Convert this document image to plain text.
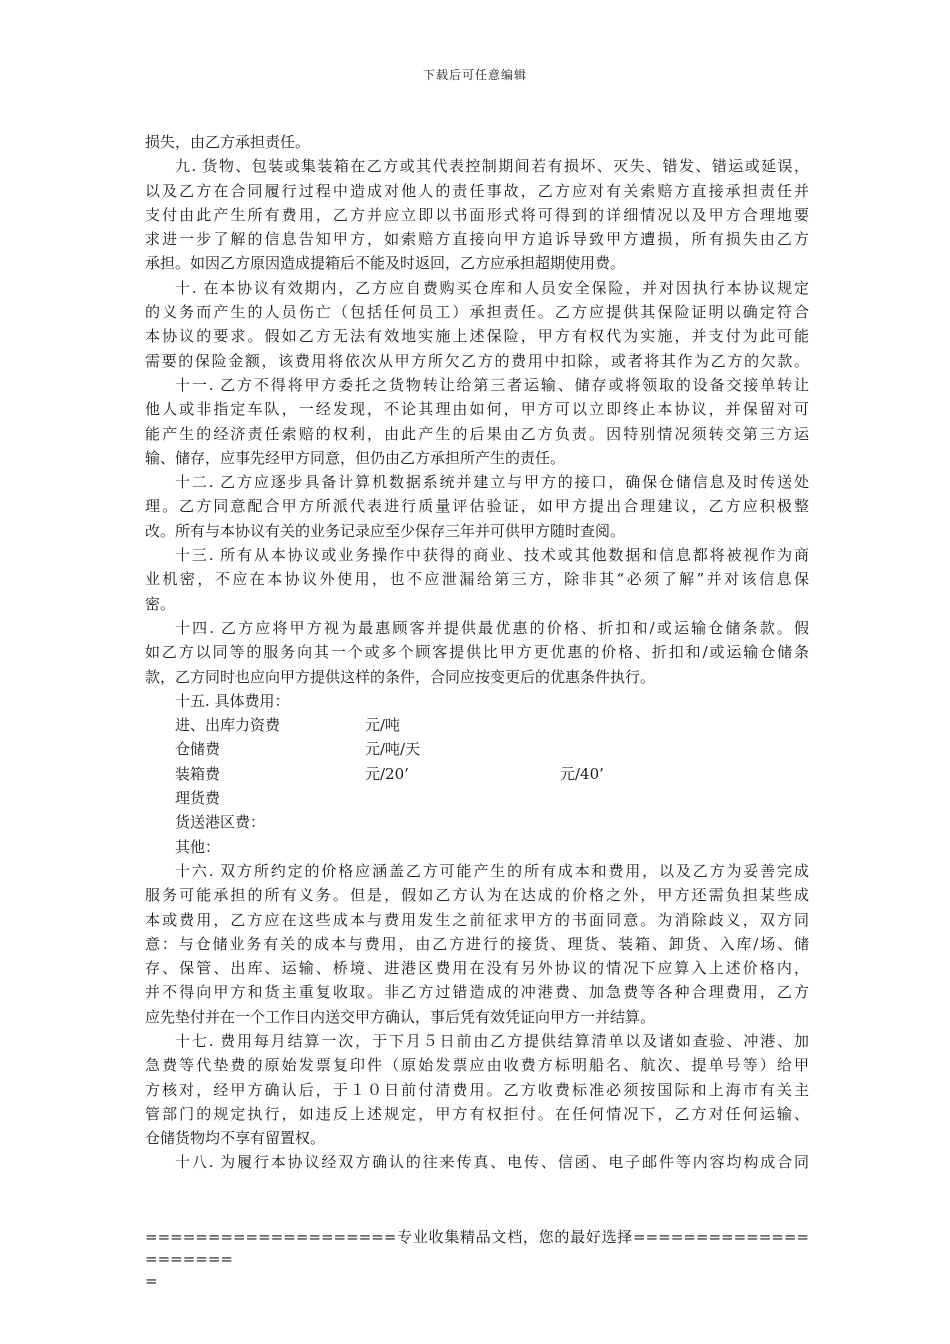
下载后可任意编辑
损失，由乙方承担责任。
九. 货物、包装或集装箱在乙方或其代表控制期间若有损坏、灭失、错发、错运或延误，
以及乙方在合同履行过程中造成对他人的责任事故，乙方应对有关索赔方直接承担责任并
支付由此产生所有费用，乙方并应立即以书面形式将可得到的详细情况以及甲方合理地要
求进一步了解的信息告知甲方，如索赔方直接向甲方追诉导致甲方遭损，所有损失由乙方
承担。如因乙方原因造成提箱后不能及时返回，乙方应承担超期使用费。
十. 在本协议有效期内，乙方应自费购买仓库和人员安全保险，并对因执行本协议规定
的义务而产生的人员伤亡（包括任何员工）承担责任。乙方应提供其保险证明以确定符合
本协议的要求。假如乙方无法有效地实施上述保险，甲方有权代为实施，并支付为此可能
需要的保险金额，该费用将依次从甲方所欠乙方的费用中扣除，或者将其作为乙方的欠款。
十一. 乙方不得将甲方委托之货物转让给第三者运输、储存或将领取的设备交接单转让
他人或非指定车队，一经发现，不论其理由如何，甲方可以立即终止本协议，并保留对可
能产生的经济责任索赔的权利，由此产生的后果由乙方负责。因特别情况须转交第三方运
输、储存，应事先经甲方同意，但仍由乙方承担所产生的责任。
十二. 乙方应逐步具备计算机数据系统并建立与甲方的接口，确保仓储信息及时传送处
理。乙方同意配合甲方所派代表进行质量评估验证，如甲方提出合理建议，乙方应积极整
改。所有与本协议有关的业务记录应至少保存三年并可供甲方随时查阅。
十三. 所有从本协议或业务操作中获得的商业、技术或其他数据和信息都将被视作为商
业机密，不应在本协议外使用，也不应泄漏给第三方，除非其“必须了解”并对该信息保
密。
十四. 乙方应将甲方视为最惠顾客并提供最优惠的价格、折扣和/或运输仓储条款。假
如乙方以同等的服务向其一个或多个顾客提供比甲方更优惠的价格、折扣和/或运输仓储条
款，乙方同时也应向甲方提供这样的条件，合同应按变更后的优惠条件执行。
十五. 具体费用：
进、出库力资费	元/吨
仓储费	元/吨/天
装箱费	元/20’	元/40’
理货费
货送港区费：
其他：
十六. 双方所约定的价格应涵盖乙方可能产生的所有成本和费用，以及乙方为妥善完成
服务可能承担的所有义务。但是，假如乙方认为在达成的价格之外，甲方还需负担某些成
本或费用，乙方应在这些成本与费用发生之前征求甲方的书面同意。为消除歧义，双方同
意：与仓储业务有关的成本与费用，由乙方进行的接货、理货、装箱、卸货、入库/场、储
存、保管、出库、运输、桥境、进港区费用在没有另外协议的情况下应算入上述价格内，
并不得向甲方和货主重复收取。非乙方过错造成的冲港费、加急费等各种合理费用，乙方
应先垫付并在一个工作日内送交甲方确认，事后凭有效凭证向甲方一并结算。
十七. 费用每月结算一次，于下月５日前由乙方提供结算清单以及诸如查验、冲港、加
急费等代垫费的原始发票复印件（原始发票应由收费方标明船名、航次、提单号等）给甲
方核对，经甲方确认后，于１０日前付清费用。乙方收费标准必须按国际和上海市有关主
管部门的规定执行，如违反上述规定，甲方有权拒付。在任何情况下，乙方对任何运输、
仓储货物均不享有留置权。
十八. 为履行本协议经双方确认的往来传真、电传、信函、电子邮件等内容均构成合同
====================专业收集精品文档，您的最好选择=====================
=
